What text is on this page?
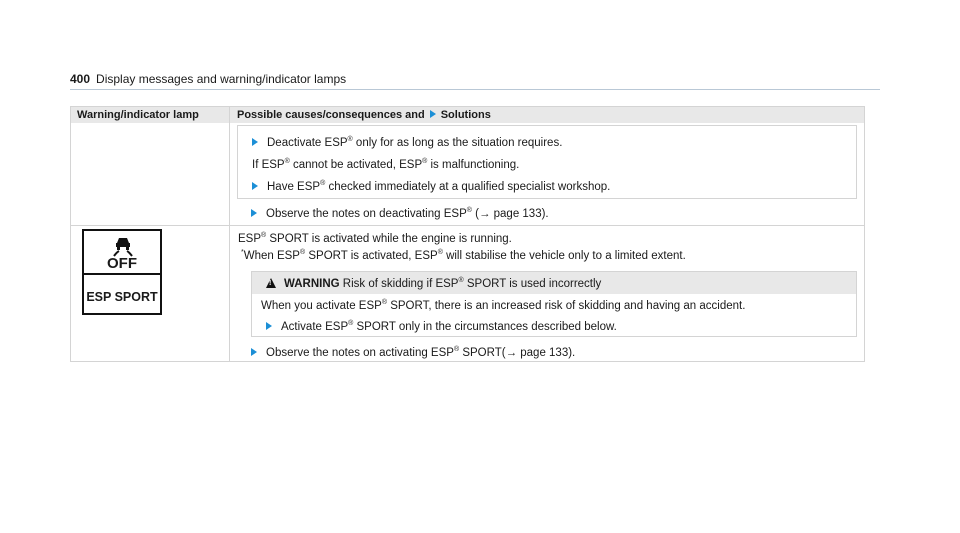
400 Display messages and warning/indicator lamps
Warning/indicator lamp	Possible causes/consequences and Solutions
Deactivate ESP® only for as long as the situation requires.
If ESP® cannot be activated, ESP® is malfunctioning.
Have ESP® checked immediately at a qualified specialist workshop.
Observe the notes on deactivating ESP® (→ page 133).
ESP® SPORT is activated while the engine is running.
*When ESP® SPORT is activated, ESP® will stabilise the vehicle only to a limited extent.
!WARNING Risk of skidding if ESP® SPORT is used incorrectly
When you activate ESP® SPORT, there is an increased risk of skidding and having an accident.
Activate ESP® SPORT only in the circumstances described below.
Observe the notes on activating ESP® SPORT(→ page 133).
OFF
ESP SPORT
